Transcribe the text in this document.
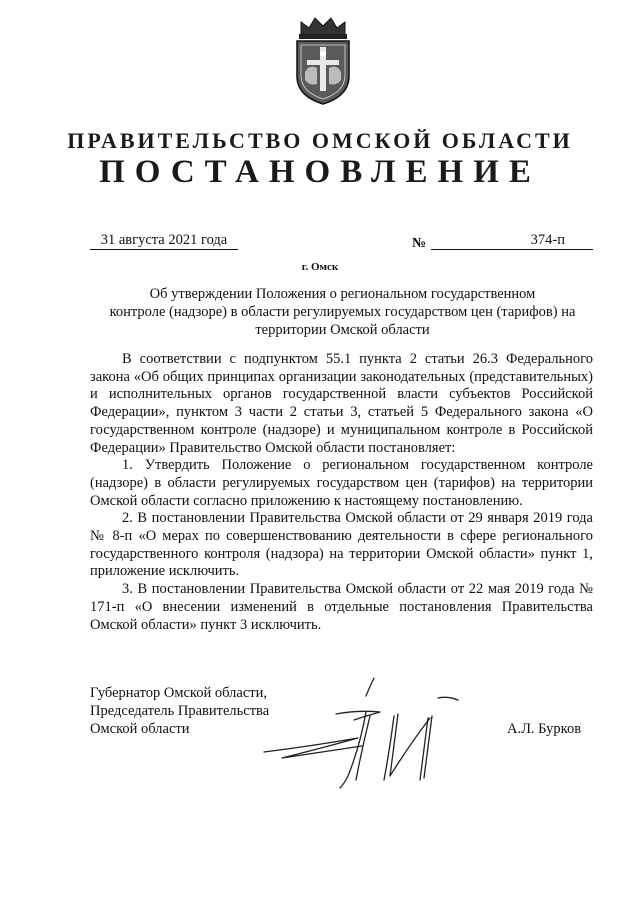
ПРАВИТЕЛЬСТВО ОМСКОЙ ОБЛАСТИ
ПОСТАНОВЛЕНИЕ
31 августа 2021 года	№	374-п
г. Омск
Об утверждении Положения о региональном государственном
контроле (надзоре) в области регулируемых государством цен (тарифов) на
территории Омской области

В соответствии с подпунктом 55.1 пункта 2 статьи 26.3 Федерального закона «Об общих принципах организации законодательных (представительных) и исполнительных органов государственной власти субъектов Российской Федерации», пунктом 3 части 2 статьи 3, статьей 5 Федерального закона «О государственном контроле (надзоре) и муниципальном контроле в Российской Федерации» Правительство Омской области постановляет:

1. Утвердить Положение о региональном государственном контроле (надзоре) в области регулируемых государством цен (тарифов) на территории Омской области согласно приложению к настоящему постановлению.

2. В постановлении Правительства Омской области от 29 января 2019 года № 8-п «О мерах по совершенствованию деятельности в сфере регионального государственного контроля (надзора) на территории Омской области» пункт 1, приложение исключить.

3. В постановлении Правительства Омской области от 22 мая 2019 года № 171-п «О внесении изменений в отдельные постановления Правительства Омской области» пункт 3 исключить.

Губернатор Омской области,
Председатель Правительства
Омской области	А.Л. Бурков
